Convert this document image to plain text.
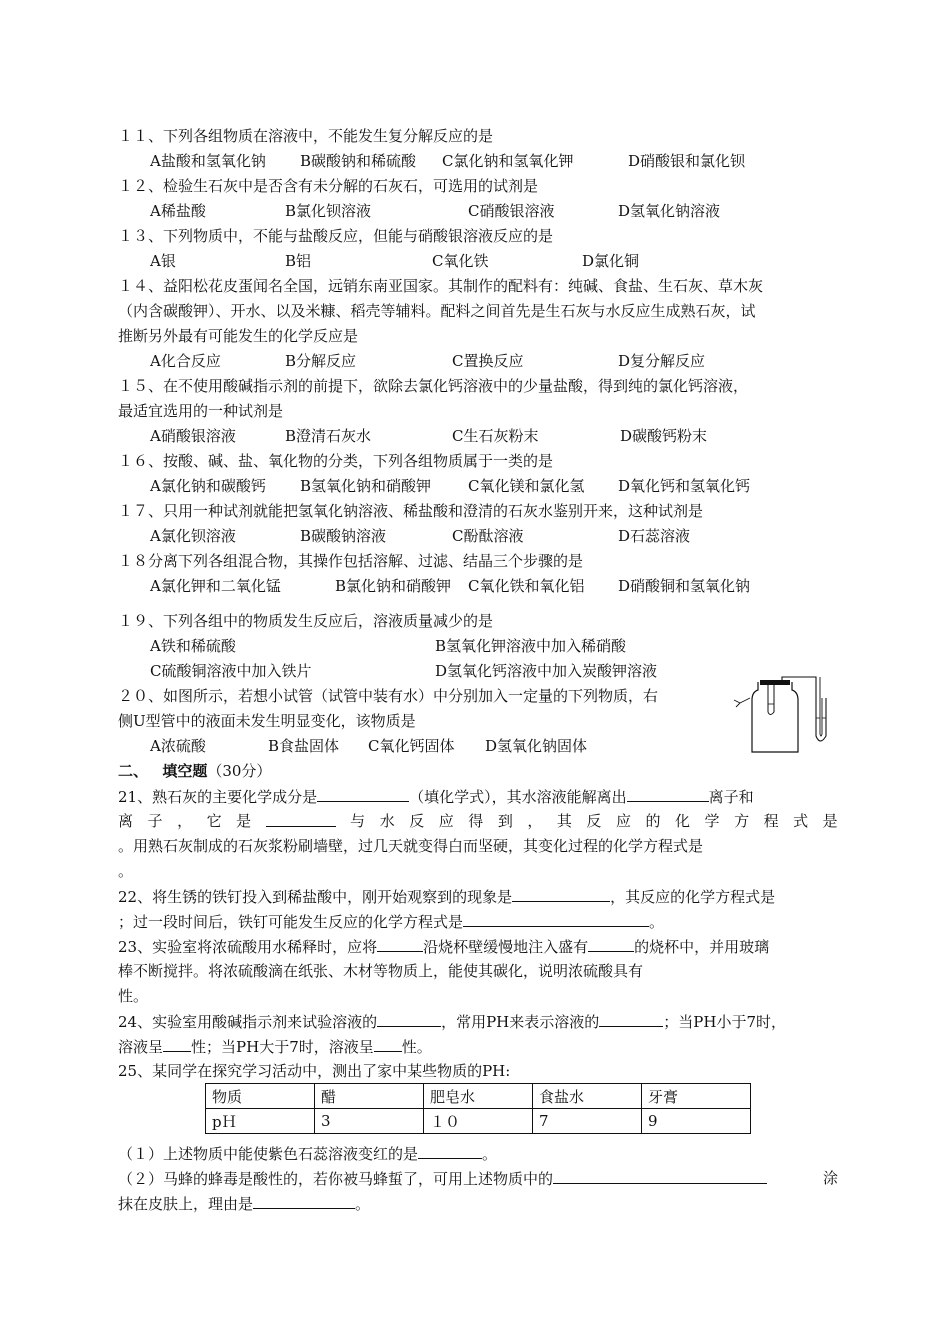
１１、下列各组物质在溶液中，不能发生复分解反应的是
A盐酸和氢氧化钠 B碳酸钠和稀硫酸 C氯化钠和氢氧化钾	D硝酸银和氯化钡
１２、检验生石灰中是否含有未分解的石灰石，可选用的试剂是
A稀盐酸	B氯化钡溶液	C硝酸银溶液	D氢氧化钠溶液
１３、下列物质中，不能与盐酸反应，但能与硝酸银溶液反应的是
A银	B铝	C氧化铁	D氯化铜
１４、益阳松花皮蛋闻名全国，远销东南亚国家。其制作的配料有：纯碱、食盐、生石灰、草木灰
（内含碳酸钾）、开水、以及米糠、稻壳等辅料。配料之间首先是生石灰与水反应生成熟石灰，试
推断另外最有可能发生的化学反应是
A化合反应	B分解反应	C置换反应	D复分解反应
１５、在不使用酸碱指示剂的前提下，欲除去氯化钙溶液中的少量盐酸，得到纯的氯化钙溶液，
最适宜选用的一种试剂是
A硝酸银溶液	B澄清石灰水	C生石灰粉末	D碳酸钙粉末
１６、按酸、碱、盐、氧化物的分类，下列各组物质属于一类的是
A氯化钠和碳酸钙 B氢氧化钠和硝酸钾 C氧化镁和氯化氢 D氧化钙和氢氧化钙
１７、只用一种试剂就能把氢氧化钠溶液、稀盐酸和澄清的石灰水鉴别开来，这种试剂是
A氯化钡溶液	B碳酸钠溶液	C酚酞溶液	D石蕊溶液
１８分离下列各组混合物，其操作包括溶解、过滤、结晶三个步骤的是
A氯化钾和二氧化锰	B氯化钠和硝酸钾 C氧化铁和氧化铝 D硝酸铜和氢氧化钠
１９、下列各组中的物质发生反应后，溶液质量减少的是
A铁和稀硫酸	B氢氧化钾溶液中加入稀硝酸
C硫酸铜溶液中加入铁片	D氢氧化钙溶液中加入炭酸钾溶液
２０、如图所示，若想小试管（试管中装有水）中分别加入一定量的下列物质，右
侧U型管中的液面未发生明显变化，该物质是
A浓硫酸	B食盐固体 C氧化钙固体 D氢氧化钠固体
二、 填空题（30分）
21、熟石灰的主要化学成分是	（填化学式），其水溶液能解离出	离子和
离 子 ， 它 是	与 水 反 应 得 到 ， 其 反 应 的 化 学 方 程 式 是
。用熟石灰制成的石灰浆粉刷墙壁，过几天就变得白而坚硬，其变化过程的化学方程式是
。
22、将生锈的铁钉投入到稀盐酸中，刚开始观察到的现象是	，其反应的化学方程式是
；过一段时间后，铁钉可能发生反应的化学方程式是	。
23、实验室将浓硫酸用水稀释时，应将	沿烧杯壁缓慢地注入盛有	的烧杯中，并用玻璃
棒不断搅拌。将浓硫酸滴在纸张、木材等物质上，能使其碳化，说明浓硫酸具有
性。
24、实验室用酸碱指示剂来试验溶液的	，常用PH来表示溶液的	；当PH小于7时，
溶液呈 性；当PH大于7时，溶液呈 性。
25、某同学在探究学习活动中，测出了家中某些物质的PH:
物质	醋	肥皂水	食盐水	牙膏
pＨ	3	１０	7	9
（１）上述物质中能使紫色石蕊溶液变红的是	。
（２）马蜂的蜂毒是酸性的，若你被马蜂蜇了，可用上述物质中的	涂
抹在皮肤上，理由是	。
